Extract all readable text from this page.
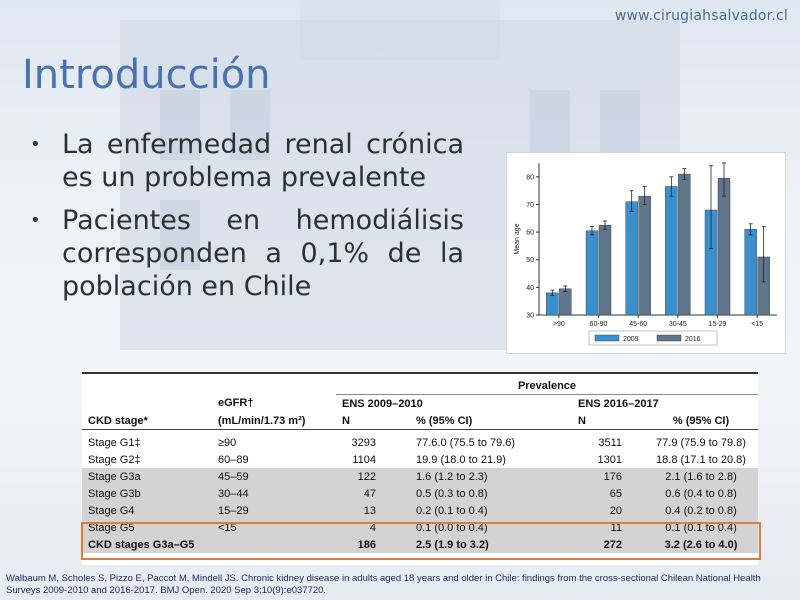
www.cirugiahsalvador.cl
Introducción
• La enfermedad renal crónica es un problema prevalente
• Pacientes en hemodiálisis corresponden a 0,1% de la población en Chile
30
40
50
60
70
80
Mean age
>90	60-90	45-60	30-45	15-29	<15
2009	2016

		Prevalence			
	eGFR†	ENS 2009–2010		ENS 2016–2017	
CKD stage*	(mL/min/1.73 m²)	N	% (95% CI)	N	% (95% CI)

Stage G1‡	≥90	3293	77.6.0 (75.5 to 79.6)	3511	77.9 (75.9 to 79.8)
Stage G2‡	60–89	1104	19.9 (18.0 to 21.9)	1301	18.8 (17.1 to 20.8)
Stage G3a	45–59	122	1.6 (1.2 to 2.3)	176	2.1 (1.6 to 2.8)
Stage G3b	30–44	47	0.5 (0.3 to 0.8)	65	0.6 (0.4 to 0.8)
Stage G4	15–29	13	0.2 (0.1 to 0.4)	20	0.4 (0.2 to 0.8)
Stage G5	<15	4	0.1 (0.0 to 0.4)	11	0.1 (0.1 to 0.4)
CKD stages G3a–G5		186	2.5 (1.9 to 3.2)	272	3.2 (2.6 to 4.0)
Walbaum M, Scholes S, Pizzo E, Paccot M, Mindell JS. Chronic kidney disease in adults aged 18 years and older in Chile: findings from the cross-sectional Chilean National Health Surveys 2009-2010 and 2016-2017. BMJ Open. 2020 Sep 3;10(9):e037720.
